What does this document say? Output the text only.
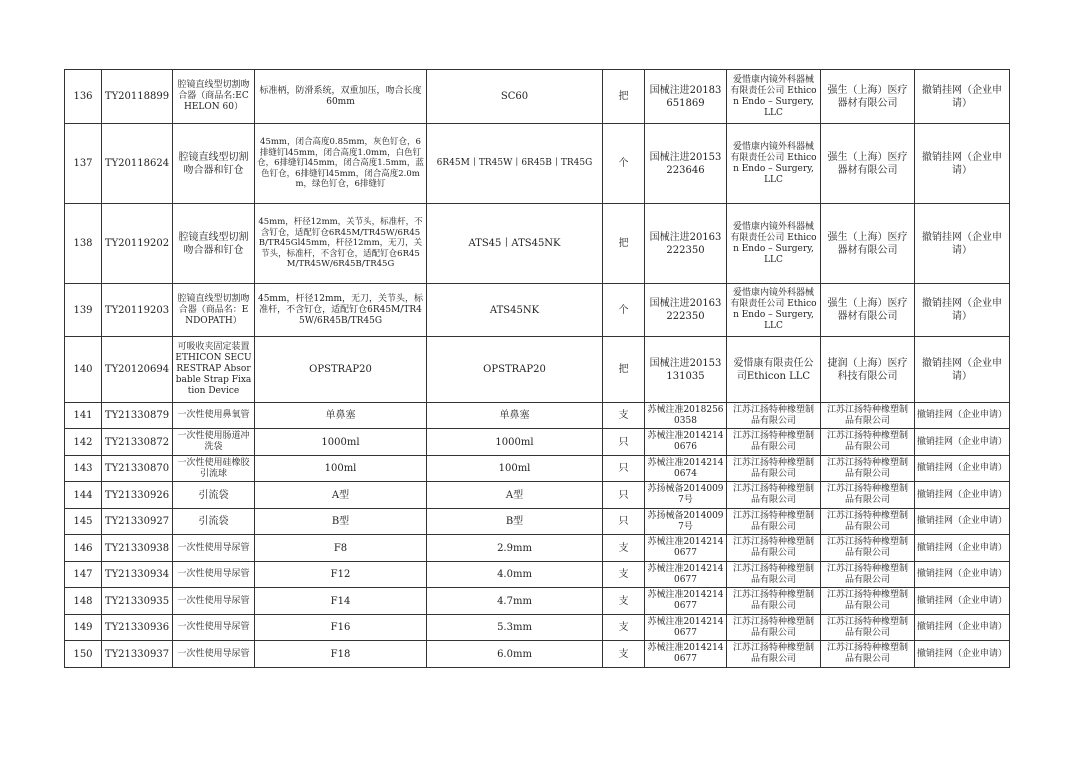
136	TY20118899	腔镜直线型切割吻合器（商品名:ECHELON 60）	标准柄，防滑系统，双重加压，吻合长度60mm	SC60	把	国械注进20183651869	爱惜康内镜外科器械有限责任公司 Ethicon Endo – Surgery, LLC	强生（上海）医疗器材有限公司	撤销挂网（企业申请）
137	TY20118624	腔镜直线型切割吻合器和钉仓	45mm，闭合高度0.85mm，灰色钉仓，6排缝钉l45mm，闭合高度1.0mm，白色钉仓，6排缝钉l45mm，闭合高度1.5mm，蓝色钉仓，6排缝钉l45mm，闭合高度2.0mm，绿色钉仓，6排缝钉	6R45M丨TR45W丨6R45B丨TR45G	个	国械注进20153223646	爱惜康内镜外科器械有限责任公司 Ethicon Endo – Surgery, LLC	强生（上海）医疗器材有限公司	撤销挂网（企业申请）
138	TY20119202	腔镜直线型切割吻合器和钉仓	45mm，杆径12mm，关节头，标准杆，不含钉仓，适配钉仓6R45M/TR45W/6R45B/TR45Gl45mm，杆径12mm，无刀，关节头，标准杆，不含钉仓，适配钉仓6R45M/TR45W/6R45B/TR45G	ATS45丨ATS45NK	把	国械注进20163222350	爱惜康内镜外科器械有限责任公司 Ethicon Endo – Surgery, LLC	强生（上海）医疗器材有限公司	撤销挂网（企业申请）
139	TY20119203	腔镜直线型切割吻合器（商品名：ENDOPATH）	45mm，杆径12mm，无刀，关节头，标准杆，不含钉仓，适配钉仓6R45M/TR45W/6R45B/TR45G	ATS45NK	个	国械注进20163222350	爱惜康内镜外科器械有限责任公司 Ethicon Endo – Surgery, LLC	强生（上海）医疗器材有限公司	撤销挂网（企业申请）
140	TY20120694	可吸收夹固定装置ETHICON SECURESTRAP Absorbable Strap Fixation Device	OPSTRAP20	OPSTRAP20	把	国械注进20153131035	爱惜康有限责任公司Ethicon LLC	捷润（上海）医疗科技有限公司	撤销挂网（企业申请）
141	TY21330879	一次性使用鼻氧管	单鼻塞	单鼻塞	支	苏械注准20182560358	江苏江扬特种橡塑制品有限公司	江苏江扬特种橡塑制品有限公司	撤销挂网（企业申请）
142	TY21330872	一次性使用肠道冲洗袋	1000ml	1000ml	只	苏械注准20142140676	江苏江扬特种橡塑制品有限公司	江苏江扬特种橡塑制品有限公司	撤销挂网（企业申请）
143	TY21330870	一次性使用硅橡胶引流球	100ml	100ml	只	苏械注准20142140674	江苏江扬特种橡塑制品有限公司	江苏江扬特种橡塑制品有限公司	撤销挂网（企业申请）
144	TY21330926	引流袋	A型	A型	只	苏扬械备20140097号	江苏江扬特种橡塑制品有限公司	江苏江扬特种橡塑制品有限公司	撤销挂网（企业申请）
145	TY21330927	引流袋	B型	B型	只	苏扬械备20140097号	江苏江扬特种橡塑制品有限公司	江苏江扬特种橡塑制品有限公司	撤销挂网（企业申请）
146	TY21330938	一次性使用导尿管	F8	2.9mm	支	苏械注准20142140677	江苏江扬特种橡塑制品有限公司	江苏江扬特种橡塑制品有限公司	撤销挂网（企业申请）
147	TY21330934	一次性使用导尿管	F12	4.0mm	支	苏械注准20142140677	江苏江扬特种橡塑制品有限公司	江苏江扬特种橡塑制品有限公司	撤销挂网（企业申请）
148	TY21330935	一次性使用导尿管	F14	4.7mm	支	苏械注准20142140677	江苏江扬特种橡塑制品有限公司	江苏江扬特种橡塑制品有限公司	撤销挂网（企业申请）
149	TY21330936	一次性使用导尿管	F16	5.3mm	支	苏械注准20142140677	江苏江扬特种橡塑制品有限公司	江苏江扬特种橡塑制品有限公司	撤销挂网（企业申请）
150	TY21330937	一次性使用导尿管	F18	6.0mm	支	苏械注准20142140677	江苏江扬特种橡塑制品有限公司	江苏江扬特种橡塑制品有限公司	撤销挂网（企业申请）
